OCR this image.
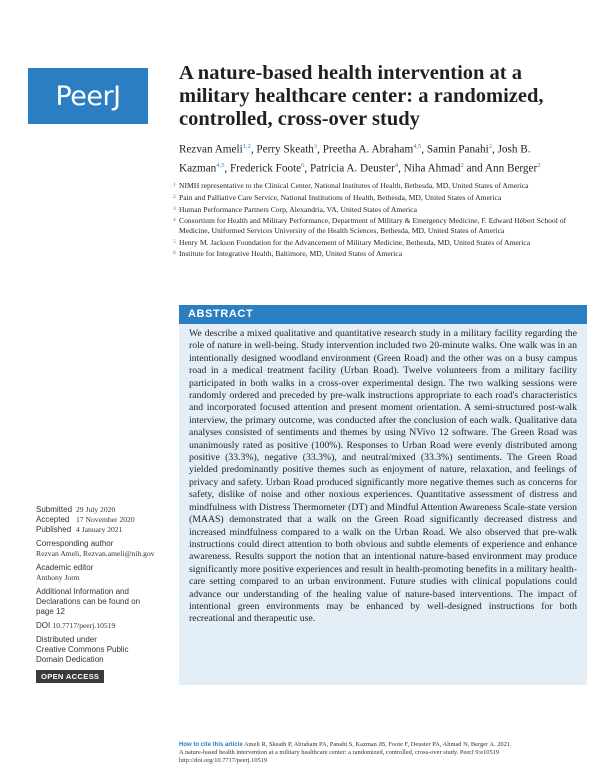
PeerJ
A nature-based health intervention at a military healthcare center: a randomized, controlled, cross-over study
Rezvan Ameli$^{1,2}$, Perry Skeath$^3$, Preetha A. Abraham$^{4,5}$, Samin Panahi$^2$, Josh B. Kazman$^{4,5}$, Frederick Foote$^6$, Patricia A. Deuster$^4$, Niha Ahmad$^2$ and Ann Berger$^2$
1 NIMH representative to the Clinical Center, National Institutes of Health, Bethesda, MD, United States of America
2 Pain and Palliative Care Service, National Institutions of Health, Bethesda, MD, United States of America
3 Human Performance Partners Corp, Alexandria, VA, United States of America
4 Consortium for Health and Military Performance, Department of Military & Emergency Medicine, F. Edward Hébert School of Medicine, Uniformed Services University of the Health Sciences, Bethesda, MD, United States of America
5 Henry M. Jackson Foundation for the Advancement of Military Medicine, Bethesda, MD, United States of America
6 Institute for Integrative Health, Baltimore, MD, United States of America
ABSTRACT
We describe a mixed qualitative and quantitative research study in a military facility regarding the role of nature in well-being. Study intervention included two 20-minute walks. One walk was in an intentionally designed woodland environment (Green Road) and the other was on a busy campus road in a medical treatment facility (Urban Road). Twelve volunteers from a military facility participated in both walks in a cross-over experimental design. The two walking sessions were randomly ordered and preceded by pre-walk instructions appropriate to each road's characteristics and incorporated focused attention and present moment orientation. A semi-structured post-walk interview, the primary outcome, was conducted after the conclusion of each walk. Qualitative data analyses consisted of sentiments and themes by using NVivo 12 software. The Green Road was unanimously rated as positive (100%). Responses to Urban Road were evenly distributed among positive (33.3%), negative (33.3%), and neutral/mixed (33.3%) sentiments. The Green Road yielded predominantly positive themes such as enjoyment of nature, relaxation, and feelings of privacy and safety. Urban Road produced significantly more negative themes such as concerns for safety, dislike of noise and other noxious experiences. Quantitative assessment of distress and mindfulness with Distress Thermometer (DT) and Mindful Attention Awareness Scale-state version (MAAS) demonstrated that a walk on the Green Road significantly decreased distress and increased mindfulness compared to a walk on the Urban Road. We also observed that pre-walk instructions could direct attention to both obvious and subtle elements of experience and enhance awareness. Results support the notion that an intentional nature-based environment may produce significantly more positive experiences and result in health-promoting benefits in a military health-care setting compared to an urban environment. Future studies with clinical populations could advance our understanding of the healing value of nature-based interventions. The impact of intentional green environments may be enhanced by well-designed instructions for both recreational and therapeutic use.
Submitted 29 July 2020
Accepted 17 November 2020
Published 4 January 2021
Corresponding author
Rezvan Ameli, Rezvan.ameli@nih.gov
Academic editor
Anthony Jorm
Additional Information and
Declarations can be found on
page 12
DOI 10.7717/peerj.10519
Distributed under
Creative Commons Public
Domain Dedication
OPEN ACCESS
How to cite this article Ameli R, Skeath P, Abraham PA, Panahi S, Kazman JB, Foote F, Deuster PA, Ahmad N, Berger A. 2021.
A nature-based health intervention at a military healthcare center: a randomized, controlled, cross-over study. PeerJ 9:e10519
http://doi.org/10.7717/peerj.10519
